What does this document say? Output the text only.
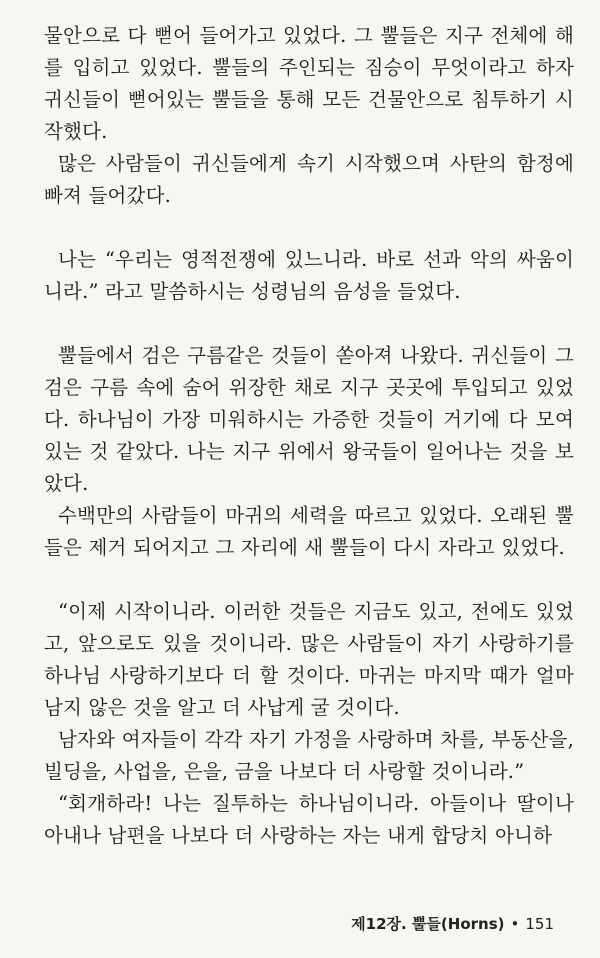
물안으로 다 뻗어 들어가고 있었다. 그 뿔들은 지구 전체에 해를 입히고 있었다. 뿔들의 주인되는 짐승이 무엇이라고 하자 귀신들이 뻗어있는 뿔들을 통해 모든 건물안으로 침투하기 시작했다.

많은 사람들이 귀신들에게 속기 시작했으며 사탄의 함정에 빠져 들어갔다.

나는 “우리는 영적전쟁에 있느니라. 바로 선과 악의 싸움이니라.” 라고 말씀하시는 성령님의 음성을 들었다.

뿔들에서 검은 구름같은 것들이 쏟아져 나왔다. 귀신들이 그 검은 구름 속에 숨어 위장한 채로 지구 곳곳에 투입되고 있었다. 하나님이 가장 미워하시는 가증한 것들이 거기에 다 모여 있는 것 같았다. 나는 지구 위에서 왕국들이 일어나는 것을 보았다.

수백만의 사람들이 마귀의 세력을 따르고 있었다. 오래된 뿔들은 제거 되어지고 그 자리에 새 뿔들이 다시 자라고 있었다.

“이제 시작이니라. 이러한 것들은 지금도 있고, 전에도 있었고, 앞으로도 있을 것이니라. 많은 사람들이 자기 사랑하기를 하나님 사랑하기보다 더 할 것이다. 마귀는 마지막 때가 얼마 남지 않은 것을 알고 더 사납게 굴 것이다.

남자와 여자들이 각각 자기 가정을 사랑하며 차를, 부동산을, 빌딩을, 사업을, 은을, 금을 나보다 더 사랑할 것이니라.”

“회개하라! 나는 질투하는 하나님이니라. 아들이나 딸이나 아내나 남편을 나보다 더 사랑하는 자는 내게 합당치 아니하

제12장. 뿔들(Horns) • 151
